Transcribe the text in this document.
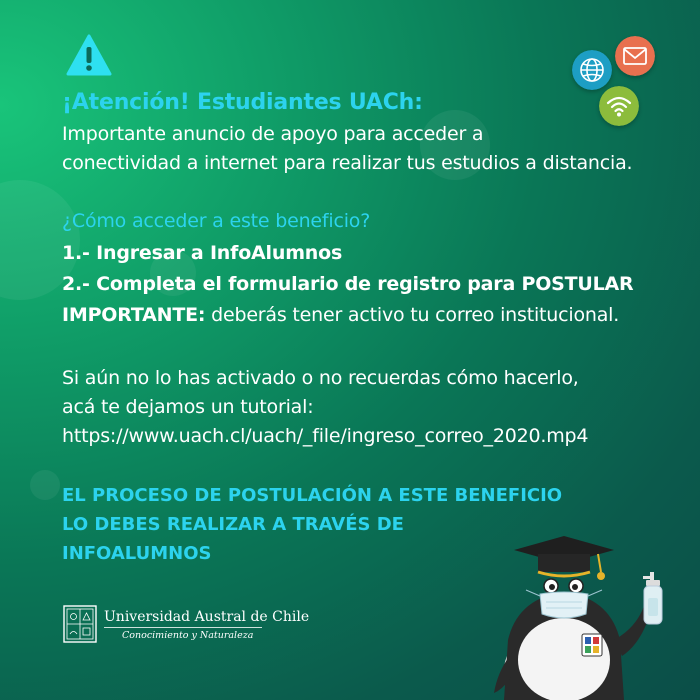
¡Atención! Estudiantes UACh:
Importante anuncio de apoyo para acceder a
conectividad a internet para realizar tus estudios a distancia.
¿Cómo acceder a este beneficio?
1.- Ingresar a InfoAlumnos
2.- Completa el formulario de registro para POSTULAR
IMPORTANTE: deberás tener activo tu correo institucional.
Si aún no lo has activado o no recuerdas cómo hacerlo,
acá te dejamos un tutorial:
https://www.uach.cl/uach/_file/ingreso_correo_2020.mp4
EL PROCESO DE POSTULACIÓN A ESTE BENEFICIO
LO DEBES REALIZAR A TRAVÉS DE
INFOALUMNOS
Universidad Austral de Chile
Conocimiento y Naturaleza
